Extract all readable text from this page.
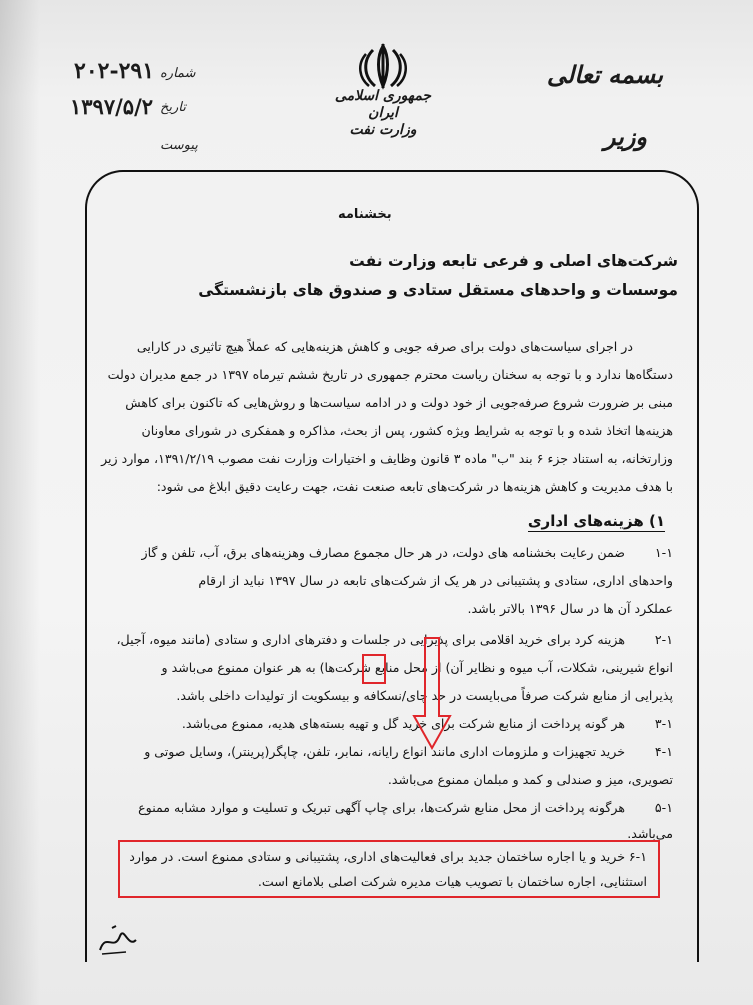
شماره
۲۰۲-۲۹۱
تاریخ
۱۳۹۷/۵/۲
پیوست
جمهوری اسلامی ایران
وزارت نفت
بسمه تعالی
وزیر
بخشنامه
شرکت‌های اصلی و فرعی تابعه وزارت نفت
موسسات و واحدهای مستقل ستادی و صندوق های بازنشستگی
در اجرای سیاست‌های دولت برای صرفه جویی و کاهش هزینه‌هایی که عملاً هیچ تاثیری در کارایی
دستگاه‌ها ندارد و با توجه به سخنان ریاست محترم جمهوری در تاریخ ششم تیرماه ۱۳۹۷ در جمع مدیران دولت
مبنی بر ضرورت شروع صرفه‌جویی از خود دولت و در ادامه سیاست‌ها و روش‌هایی که تاکنون برای کاهش
هزینه‌ها اتخاذ شده و با توجه به شرایط ویژه کشور، پس از بحث، مذاکره و همفکری در شورای معاونان
وزارتخانه، به استناد جزء ۶ بند "ب" ماده ۳ قانون وظایف و اختیارات وزارت نفت مصوب ۱۳۹۱/۲/۱۹، موارد زیر
با هدف مدیریت و کاهش هزینه‌ها در شرکت‌های تابعه صنعت نفت، جهت رعایت دقیق ابلاغ می شود:
۱) هزینه‌های اداری
۱-۱
ضمن رعایت بخشنامه های دولت، در هر حال مجموع مصارف وهزینه‌های برق، آب، تلفن و گاز
واحدهای اداری، ستادی و پشتیبانی در هر یک از شرکت‌های تابعه در سال ۱۳۹۷ نباید از ارقام
عملکرد آن ها در سال ۱۳۹۶ بالاتر باشد.
۲-۱
هزینه کرد برای خرید اقلامی برای پذیرایی در جلسات و دفترهای اداری و ستادی (مانند میوه، آجیل،
انواع شیرینی، شکلات، آب میوه و نظایر آن) از محل منابع شرکت‌ها) به هر عنوان ممنوع می‌باشد و
پذیرایی از منابع شرکت صرفاً می‌بایست در حد چای/نسکافه و بیسکویت از تولیدات داخلی باشد.
۳-۱
هر گونه پرداخت از منابع شرکت برای خرید گل و تهیه بسته‌های هدیه، ممنوع می‌باشد.
۴-۱
خرید تجهیزات و ملزومات اداری مانند انواع رایانه، نمابر، تلفن، چاپگر(پرینتر)، وسایل صوتی و
تصویری، میز و صندلی و کمد و مبلمان ممنوع می‌باشد.
۵-۱
هرگونه پرداخت از محل منابع شرکت‌ها، برای چاپ آگهی تبریک و تسلیت و موارد مشابه ممنوع
می‌باشد.
۶-۱
خرید و یا اجاره ساختمان جدید برای فعالیت‌های اداری، پشتیبانی و ستادی ممنوع است. در موارد
استثنایی، اجاره ساختمان با تصویب هیات مدیره شرکت اصلی بلامانع است.
